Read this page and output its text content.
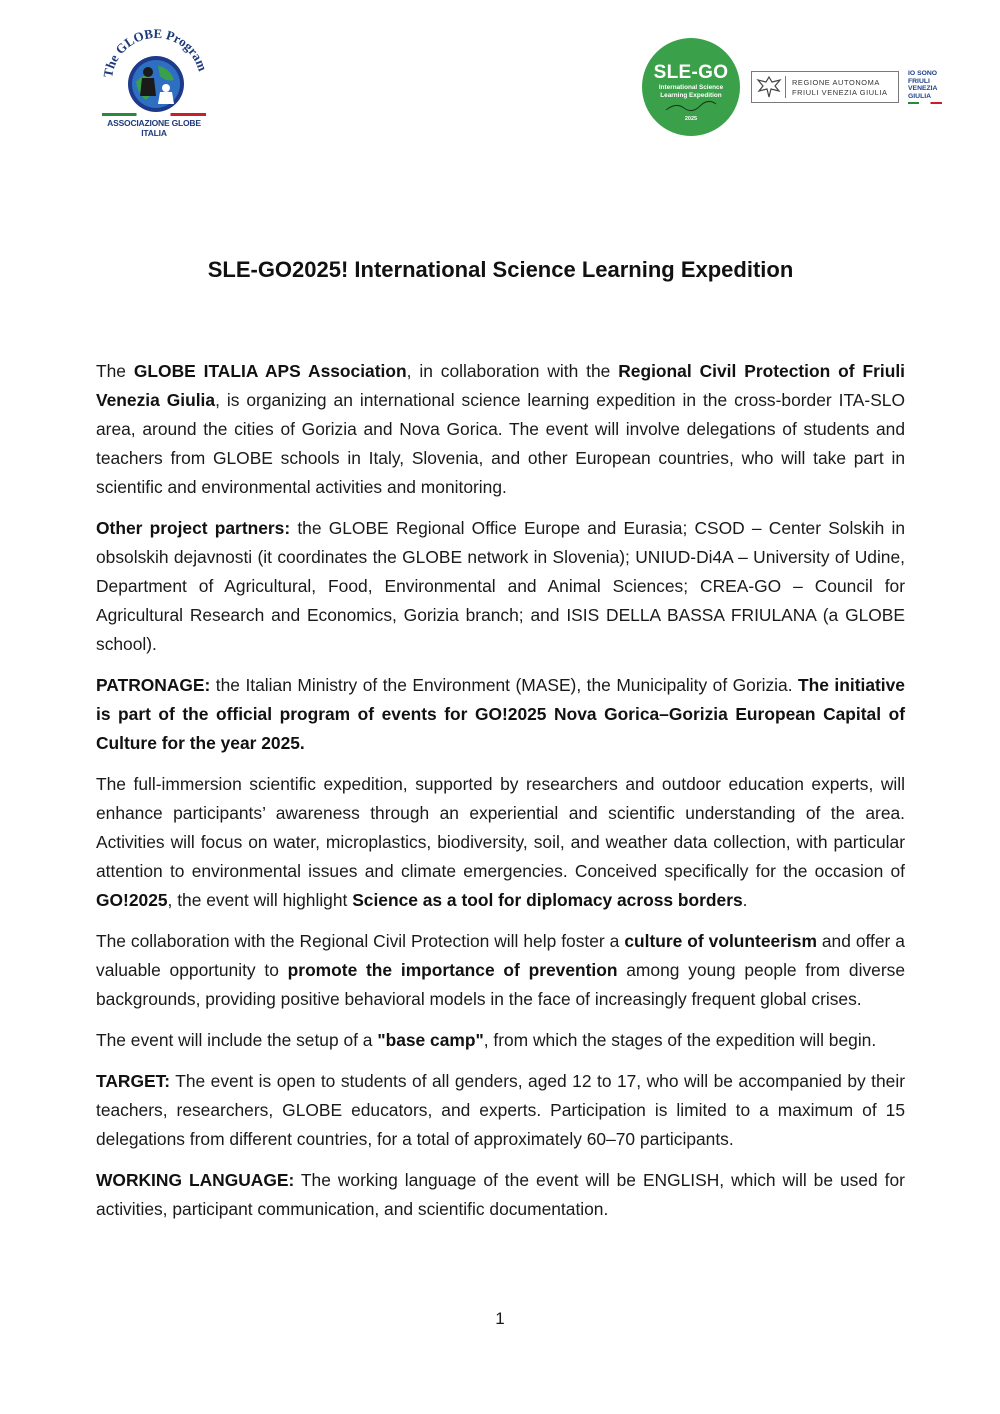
The GLOBE Program
ASSOCIAZIONE GLOBE ITALIA
SLE-GO
International Science
Learning Expedition
2025
REGIONE AUTONOMA
FRIULI VENEZIA GIULIA
IO SONO
FRIULI
VENEZIA
GIULIA
SLE-GO2025! International Science Learning Expedition

The GLOBE ITALIA APS Association, in collaboration with the Regional Civil Protection of Friuli Venezia Giulia, is organizing an international science learning expedition in the cross-border ITA-SLO area, around the cities of Gorizia and Nova Gorica. The event will involve delegations of students and teachers from GLOBE schools in Italy, Slovenia, and other European countries, who will take part in scientific and environmental activities and monitoring.

Other project partners: the GLOBE Regional Office Europe and Eurasia; CSOD – Center Solskih in obsolskih dejavnosti (it coordinates the GLOBE network in Slovenia); UNIUD-Di4A – University of Udine, Department of Agricultural, Food, Environmental and Animal Sciences; CREA-GO – Council for Agricultural Research and Economics, Gorizia branch; and ISIS DELLA BASSA FRIULANA (a GLOBE school).

PATRONAGE: the Italian Ministry of the Environment (MASE), the Municipality of Gorizia. The initiative is part of the official program of events for GO!2025 Nova Gorica–Gorizia European Capital of Culture for the year 2025.

The full-immersion scientific expedition, supported by researchers and outdoor education experts, will enhance participants’ awareness through an experiential and scientific understanding of the area. Activities will focus on water, microplastics, biodiversity, soil, and weather data collection, with particular attention to environmental issues and climate emergencies. Conceived specifically for the occasion of GO!2025, the event will highlight Science as a tool for diplomacy across borders.

The collaboration with the Regional Civil Protection will help foster a culture of volunteerism and offer a valuable opportunity to promote the importance of prevention among young people from diverse backgrounds, providing positive behavioral models in the face of increasingly frequent global crises.

The event will include the setup of a "base camp", from which the stages of the expedition will begin.

TARGET: The event is open to students of all genders, aged 12 to 17, who will be accompanied by their teachers, researchers, GLOBE educators, and experts. Participation is limited to a maximum of 15 delegations from different countries, for a total of approximately 60–70 participants.

WORKING LANGUAGE: The working language of the event will be ENGLISH, which will be used for activities, participant communication, and scientific documentation.

1
